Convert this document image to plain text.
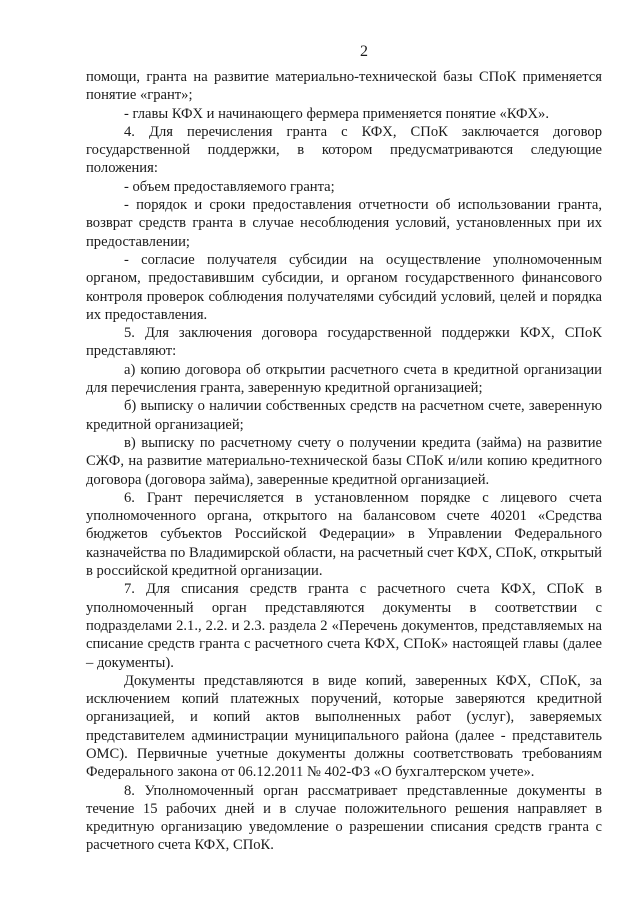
2

помощи, гранта на развитие материально-технической базы СПоК применяется понятие «грант»;

- главы КФХ и начинающего фермера применяется понятие «КФХ».

4. Для перечисления гранта с КФХ, СПоК заключается договор государственной поддержки, в котором предусматриваются следующие положения:

- объем предоставляемого гранта;

- порядок и сроки предоставления отчетности об использовании гранта, возврат средств гранта в случае несоблюдения условий, установленных при их предоставлении;

- согласие получателя субсидии на осуществление уполномоченным органом, предоставившим субсидии, и органом государственного финансового контроля проверок соблюдения получателями субсидий условий, целей и порядка их предоставления.

5. Для заключения договора государственной поддержки КФХ, СПоК представляют:

а) копию договора об открытии расчетного счета в кредитной организации для перечисления гранта, заверенную кредитной организацией;

б) выписку о наличии собственных средств на расчетном счете, заверенную кредитной организацией;

в) выписку по расчетному счету о получении кредита (займа) на развитие СЖФ, на развитие материально-технической базы СПоК и/или копию кредитного договора (договора займа), заверенные кредитной организацией.

6. Грант перечисляется в установленном порядке с лицевого счета уполномоченного органа, открытого на балансовом счете 40201 «Средства бюджетов субъектов Российской Федерации» в Управлении Федерального казначейства по Владимирской области, на расчетный счет КФХ, СПоК, открытый в российской кредитной организации.

7. Для списания средств гранта с расчетного счета КФХ, СПоК в уполномоченный орган представляются документы в соответствии с подразделами 2.1., 2.2. и 2.3. раздела 2 «Перечень документов, представляемых на списание средств гранта с расчетного счета КФХ, СПоК» настоящей главы (далее – документы).

Документы представляются в виде копий, заверенных КФХ, СПоК, за исключением копий платежных поручений, которые заверяются кредитной организацией, и копий актов выполненных работ (услуг), заверяемых представителем администрации муниципального района (далее - представитель ОМС). Первичные учетные документы должны соответствовать требованиям Федерального закона от 06.12.2011 № 402-ФЗ «О бухгалтерском учете».

8. Уполномоченный орган рассматривает представленные документы в течение 15 рабочих дней и в случае положительного решения направляет в кредитную организацию уведомление о разрешении списания средств гранта с расчетного счета КФХ, СПоК.
